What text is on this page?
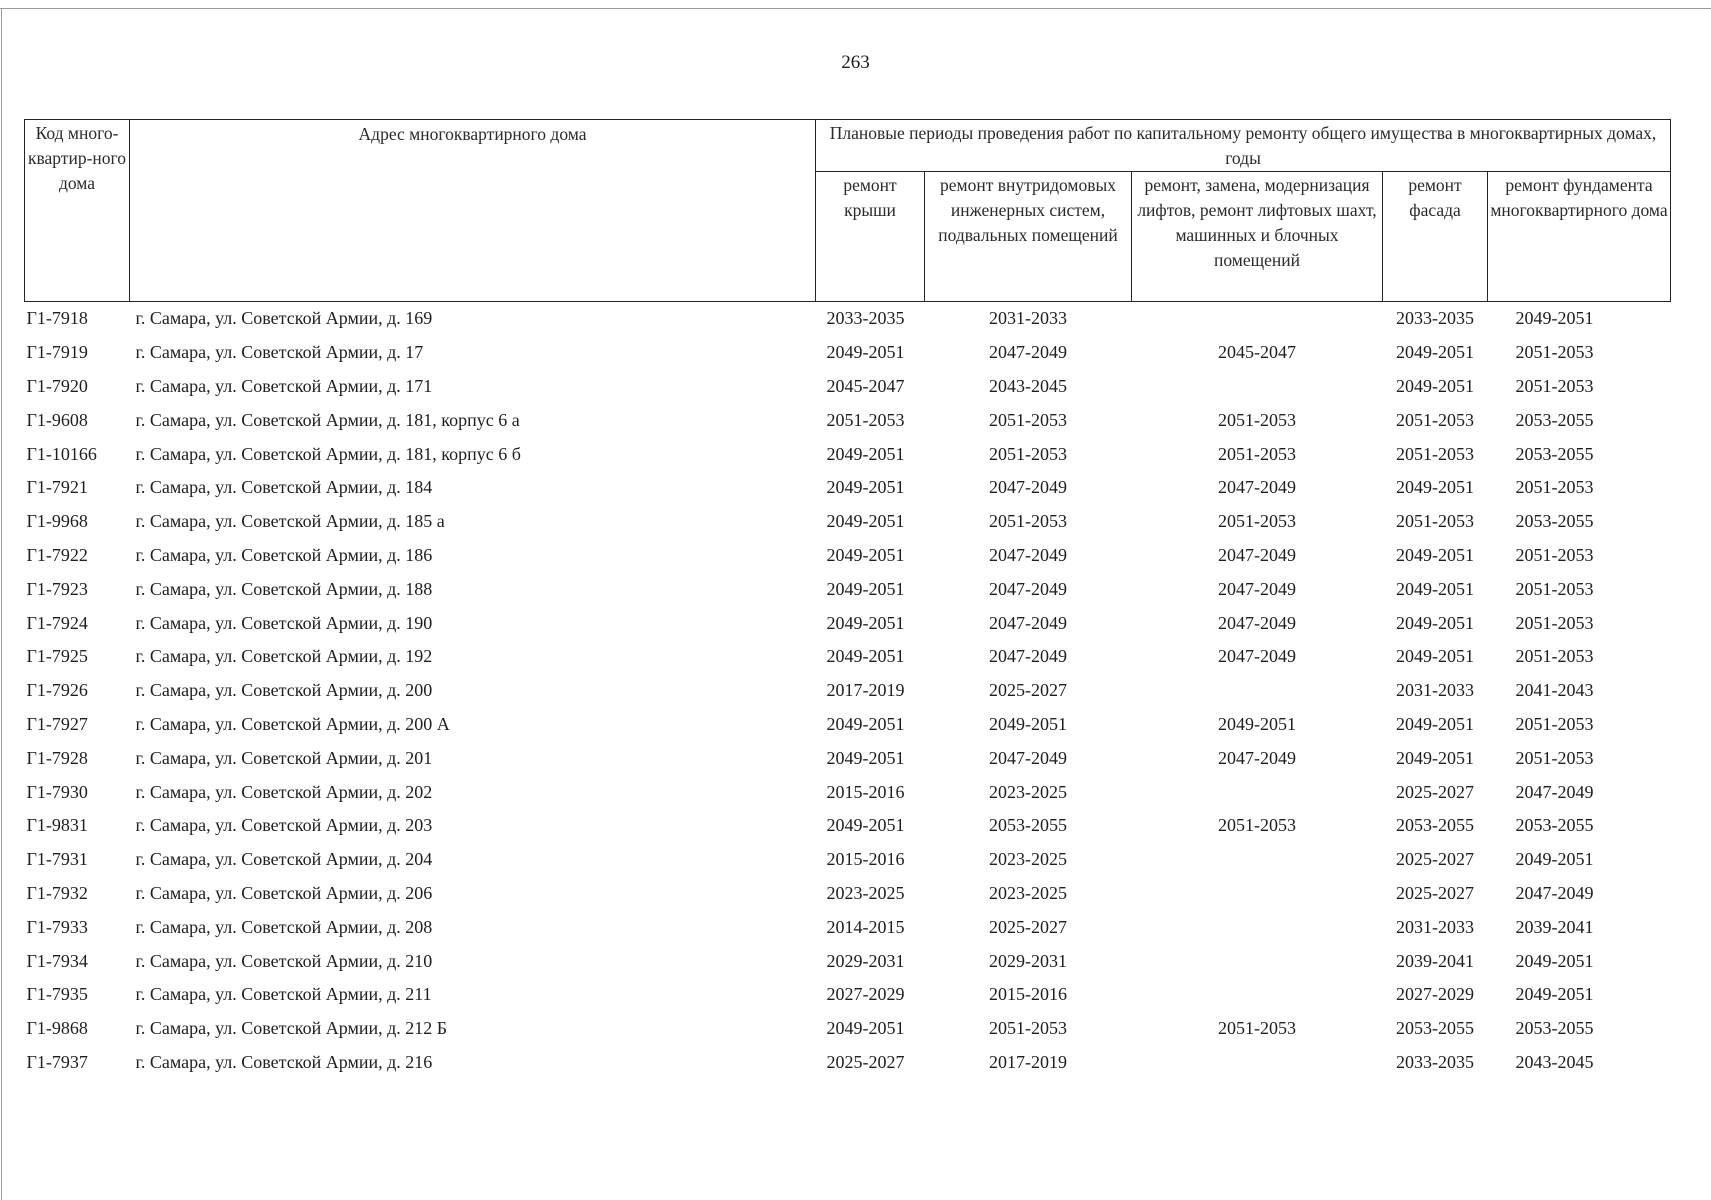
263
Код много-квартир-ного дома	Адрес многоквартирного дома	Плановые периоды проведения работ по капитальному ремонту общего имущества в многоквартирных домах, годы				
		ремонт крыши	ремонт внутридомовых инженерных систем, подвальных помещений	ремонт, замена, модернизация лифтов, ремонт лифтовых шахт, машинных и блочных помещений	ремонт фасада	ремонт фундамента многоквартирного дома
Г1-7918	г. Самара, ул. Советской Армии, д. 169	2033-2035	2031-2033		2033-2035	2049-2051
Г1-7919	г. Самара, ул. Советской Армии, д. 17	2049-2051	2047-2049	2045-2047	2049-2051	2051-2053
Г1-7920	г. Самара, ул. Советской Армии, д. 171	2045-2047	2043-2045		2049-2051	2051-2053
Г1-9608	г. Самара, ул. Советской Армии, д. 181, корпус 6 а	2051-2053	2051-2053	2051-2053	2051-2053	2053-2055
Г1-10166	г. Самара, ул. Советской Армии, д. 181, корпус 6 б	2049-2051	2051-2053	2051-2053	2051-2053	2053-2055
Г1-7921	г. Самара, ул. Советской Армии, д. 184	2049-2051	2047-2049	2047-2049	2049-2051	2051-2053
Г1-9968	г. Самара, ул. Советской Армии, д. 185 а	2049-2051	2051-2053	2051-2053	2051-2053	2053-2055
Г1-7922	г. Самара, ул. Советской Армии, д. 186	2049-2051	2047-2049	2047-2049	2049-2051	2051-2053
Г1-7923	г. Самара, ул. Советской Армии, д. 188	2049-2051	2047-2049	2047-2049	2049-2051	2051-2053
Г1-7924	г. Самара, ул. Советской Армии, д. 190	2049-2051	2047-2049	2047-2049	2049-2051	2051-2053
Г1-7925	г. Самара, ул. Советской Армии, д. 192	2049-2051	2047-2049	2047-2049	2049-2051	2051-2053
Г1-7926	г. Самара, ул. Советской Армии, д. 200	2017-2019	2025-2027		2031-2033	2041-2043
Г1-7927	г. Самара, ул. Советской Армии, д. 200 А	2049-2051	2049-2051	2049-2051	2049-2051	2051-2053
Г1-7928	г. Самара, ул. Советской Армии, д. 201	2049-2051	2047-2049	2047-2049	2049-2051	2051-2053
Г1-7930	г. Самара, ул. Советской Армии, д. 202	2015-2016	2023-2025		2025-2027	2047-2049
Г1-9831	г. Самара, ул. Советской Армии, д. 203	2049-2051	2053-2055	2051-2053	2053-2055	2053-2055
Г1-7931	г. Самара, ул. Советской Армии, д. 204	2015-2016	2023-2025		2025-2027	2049-2051
Г1-7932	г. Самара, ул. Советской Армии, д. 206	2023-2025	2023-2025		2025-2027	2047-2049
Г1-7933	г. Самара, ул. Советской Армии, д. 208	2014-2015	2025-2027		2031-2033	2039-2041
Г1-7934	г. Самара, ул. Советской Армии, д. 210	2029-2031	2029-2031		2039-2041	2049-2051
Г1-7935	г. Самара, ул. Советской Армии, д. 211	2027-2029	2015-2016		2027-2029	2049-2051
Г1-9868	г. Самара, ул. Советской Армии, д. 212 Б	2049-2051	2051-2053	2051-2053	2053-2055	2053-2055
Г1-7937	г. Самара, ул. Советской Армии, д. 216	2025-2027	2017-2019		2033-2035	2043-2045
